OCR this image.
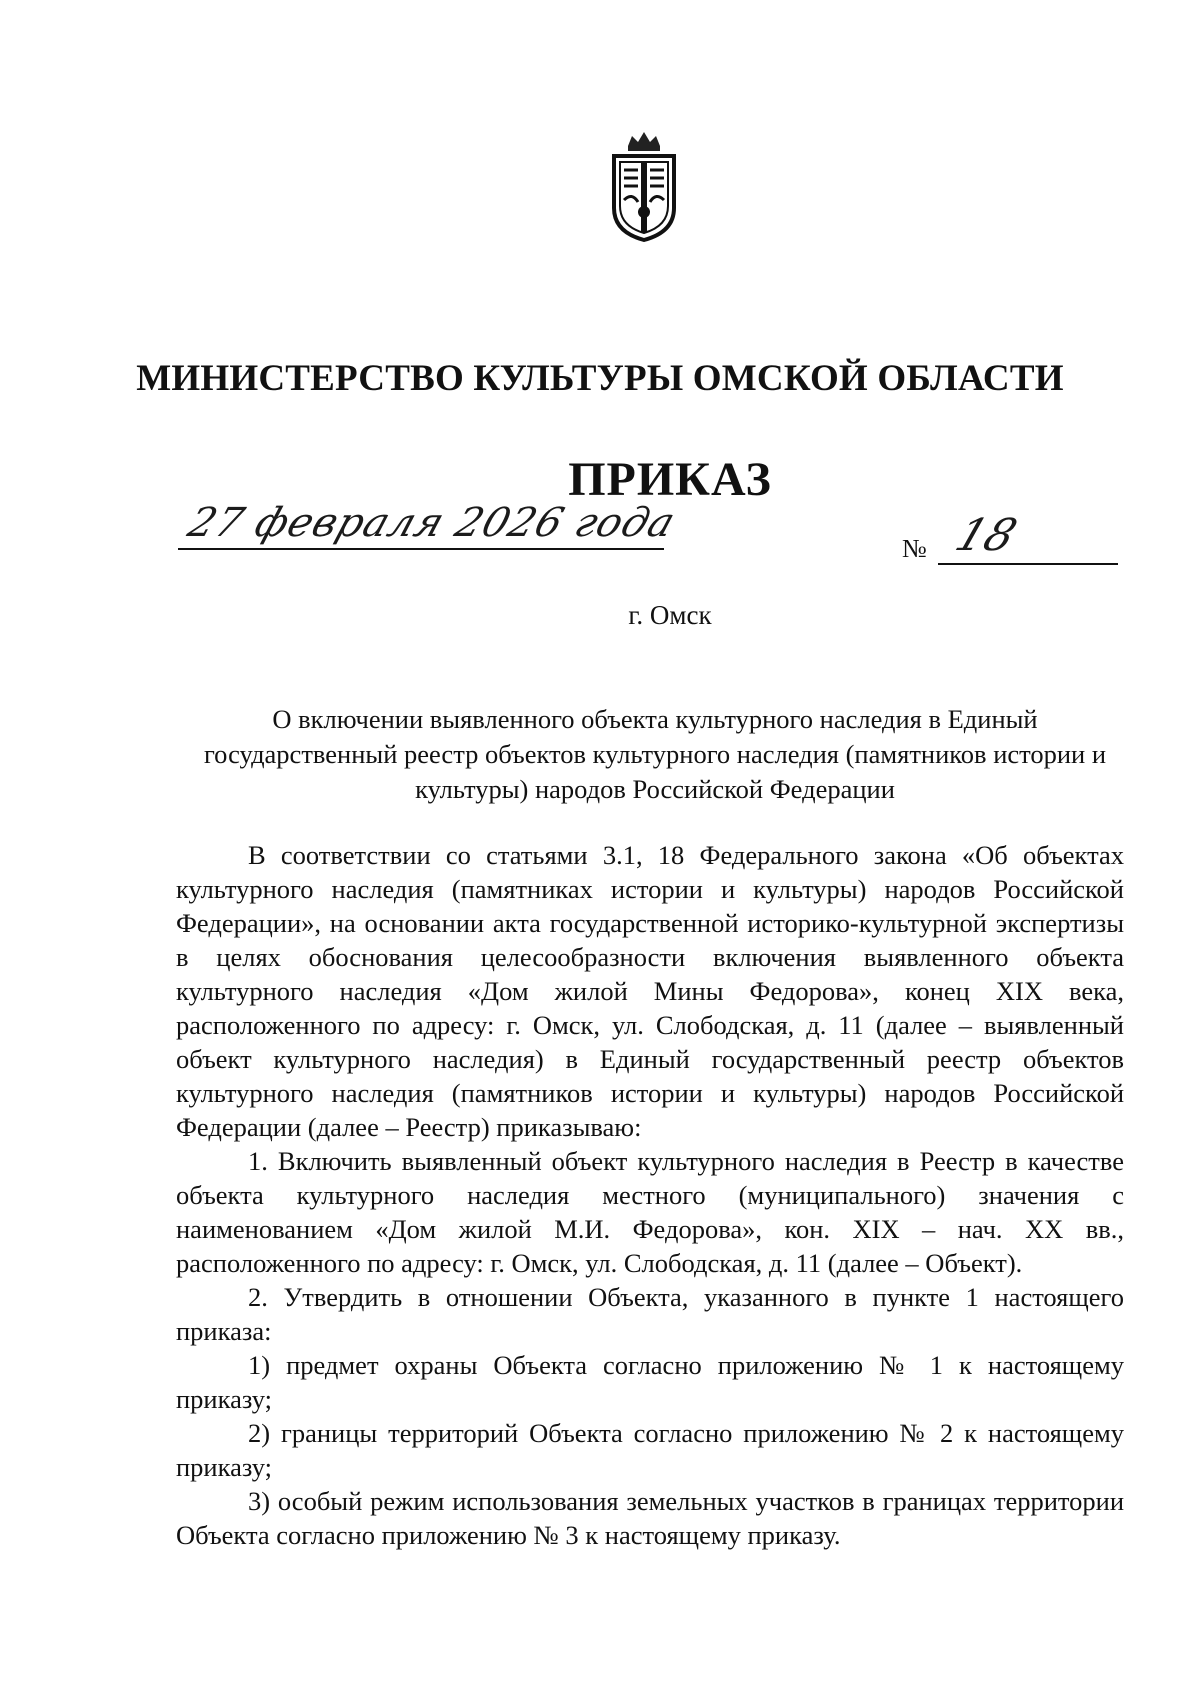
МИНИСТЕРСТВО КУЛЬТУРЫ ОМСКОЙ ОБЛАСТИ
ПРИКАЗ
27 февраля 2026 года
№ 18
г. Омск
О включении выявленного объекта культурного наследия в Единый государственный реестр объектов культурного наследия (памятников истории и культуры) народов Российской Федерации

В соответствии со статьями 3.1, 18 Федерального закона «Об объектах культурного наследия (памятниках истории и культуры) народов Российской Федерации», на основании акта государственной историко-культурной экспертизы в целях обоснования целесообразности включения выявленного объекта культурного наследия «Дом жилой Мины Федорова», конец XIX века, расположенного по адресу: г. Омск, ул. Слободская, д. 11 (далее – выявленный объект культурного наследия) в Единый государственный реестр объектов культурного наследия (памятников истории и культуры) народов Российской Федерации (далее – Реестр) приказываю:

1. Включить выявленный объект культурного наследия в Реестр в качестве объекта культурного наследия местного (муниципального) значения с наименованием «Дом жилой М.И. Федорова», кон. XIX – нач. XX вв., расположенного по адресу: г. Омск, ул. Слободская, д. 11 (далее – Объект).

2. Утвердить в отношении Объекта, указанного в пункте 1 настоящего приказа:

1) предмет охраны Объекта согласно приложению № 1 к настоящему приказу;

2) границы территорий Объекта согласно приложению № 2 к настоящему приказу;

3) особый режим использования земельных участков в границах территории Объекта согласно приложению № 3 к настоящему приказу.
